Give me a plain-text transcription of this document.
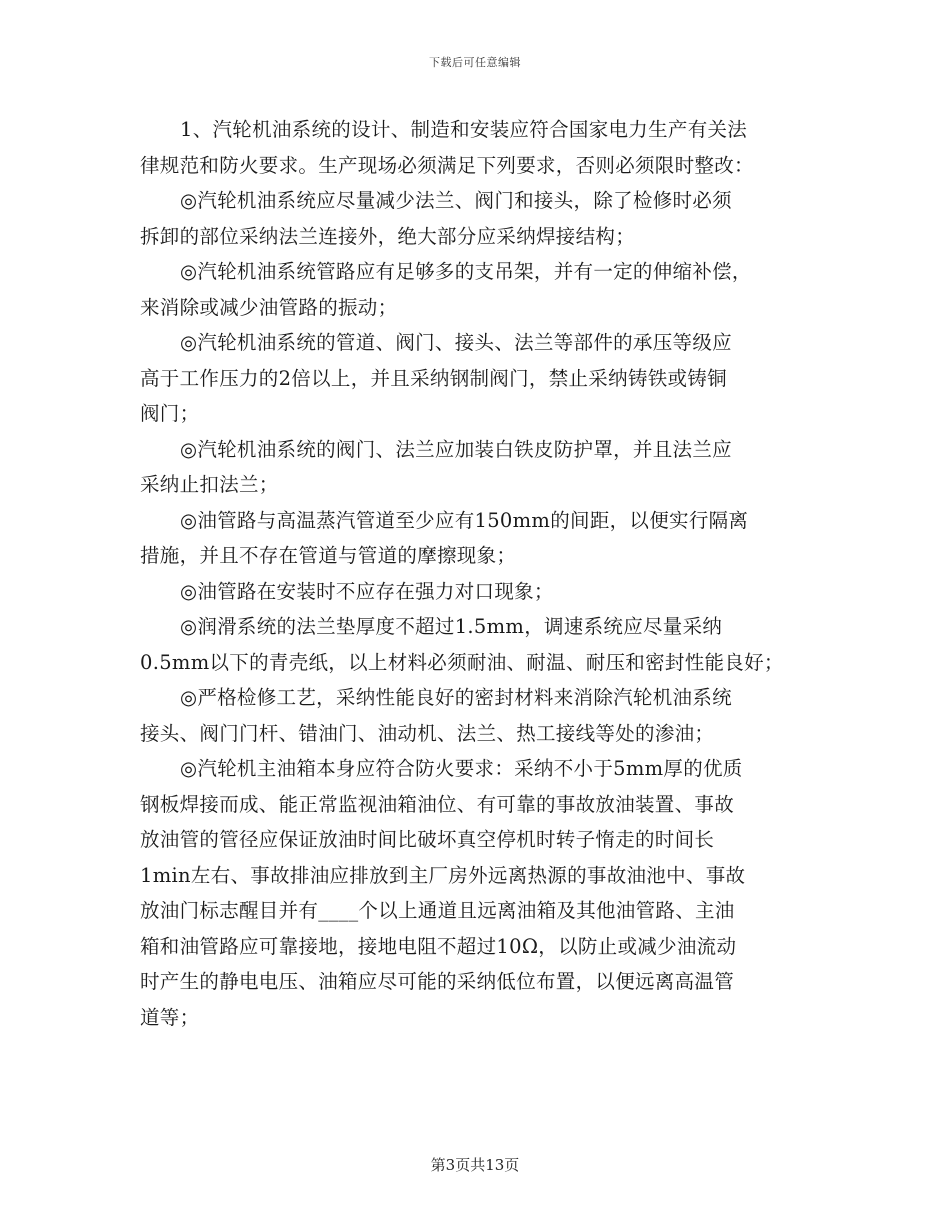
下载后可任意编辑

1、汽轮机油系统的设计、制造和安装应符合国家电力生产有关法
律规范和防火要求。生产现场必须满足下列要求，否则必须限时整改：

◎汽轮机油系统应尽量减少法兰、阀门和接头，除了检修时必须
拆卸的部位采纳法兰连接外，绝大部分应采纳焊接结构；

◎汽轮机油系统管路应有足够多的支吊架，并有一定的伸缩补偿，
来消除或减少油管路的振动；

◎汽轮机油系统的管道、阀门、接头、法兰等部件的承压等级应
高于工作压力的2倍以上，并且采纳钢制阀门，禁止采纳铸铁或铸铜
阀门；

◎汽轮机油系统的阀门、法兰应加装白铁皮防护罩，并且法兰应
采纳止扣法兰；

◎油管路与高温蒸汽管道至少应有150mm的间距，以便实行隔离
措施，并且不存在管道与管道的摩擦现象；

◎油管路在安装时不应存在强力对口现象；

◎润滑系统的法兰垫厚度不超过1.5mm，调速系统应尽量采纳
0.5mm以下的青壳纸，以上材料必须耐油、耐温、耐压和密封性能良好；

◎严格检修工艺，采纳性能良好的密封材料来消除汽轮机油系统
接头、阀门门杆、错油门、油动机、法兰、热工接线等处的渗油；

◎汽轮机主油箱本身应符合防火要求：采纳不小于5mm厚的优质
钢板焊接而成、能正常监视油箱油位、有可靠的事故放油装置、事故
放油管的管径应保证放油时间比破坏真空停机时转子惰走的时间长
1min左右、事故排油应排放到主厂房外远离热源的事故油池中、事故
放油门标志醒目并有____个以上通道且远离油箱及其他油管路、主油
箱和油管路应可靠接地，接地电阻不超过10Ω，以防止或减少油流动
时产生的静电电压、油箱应尽可能的采纳低位布置，以便远离高温管
道等；

第3页共13页
